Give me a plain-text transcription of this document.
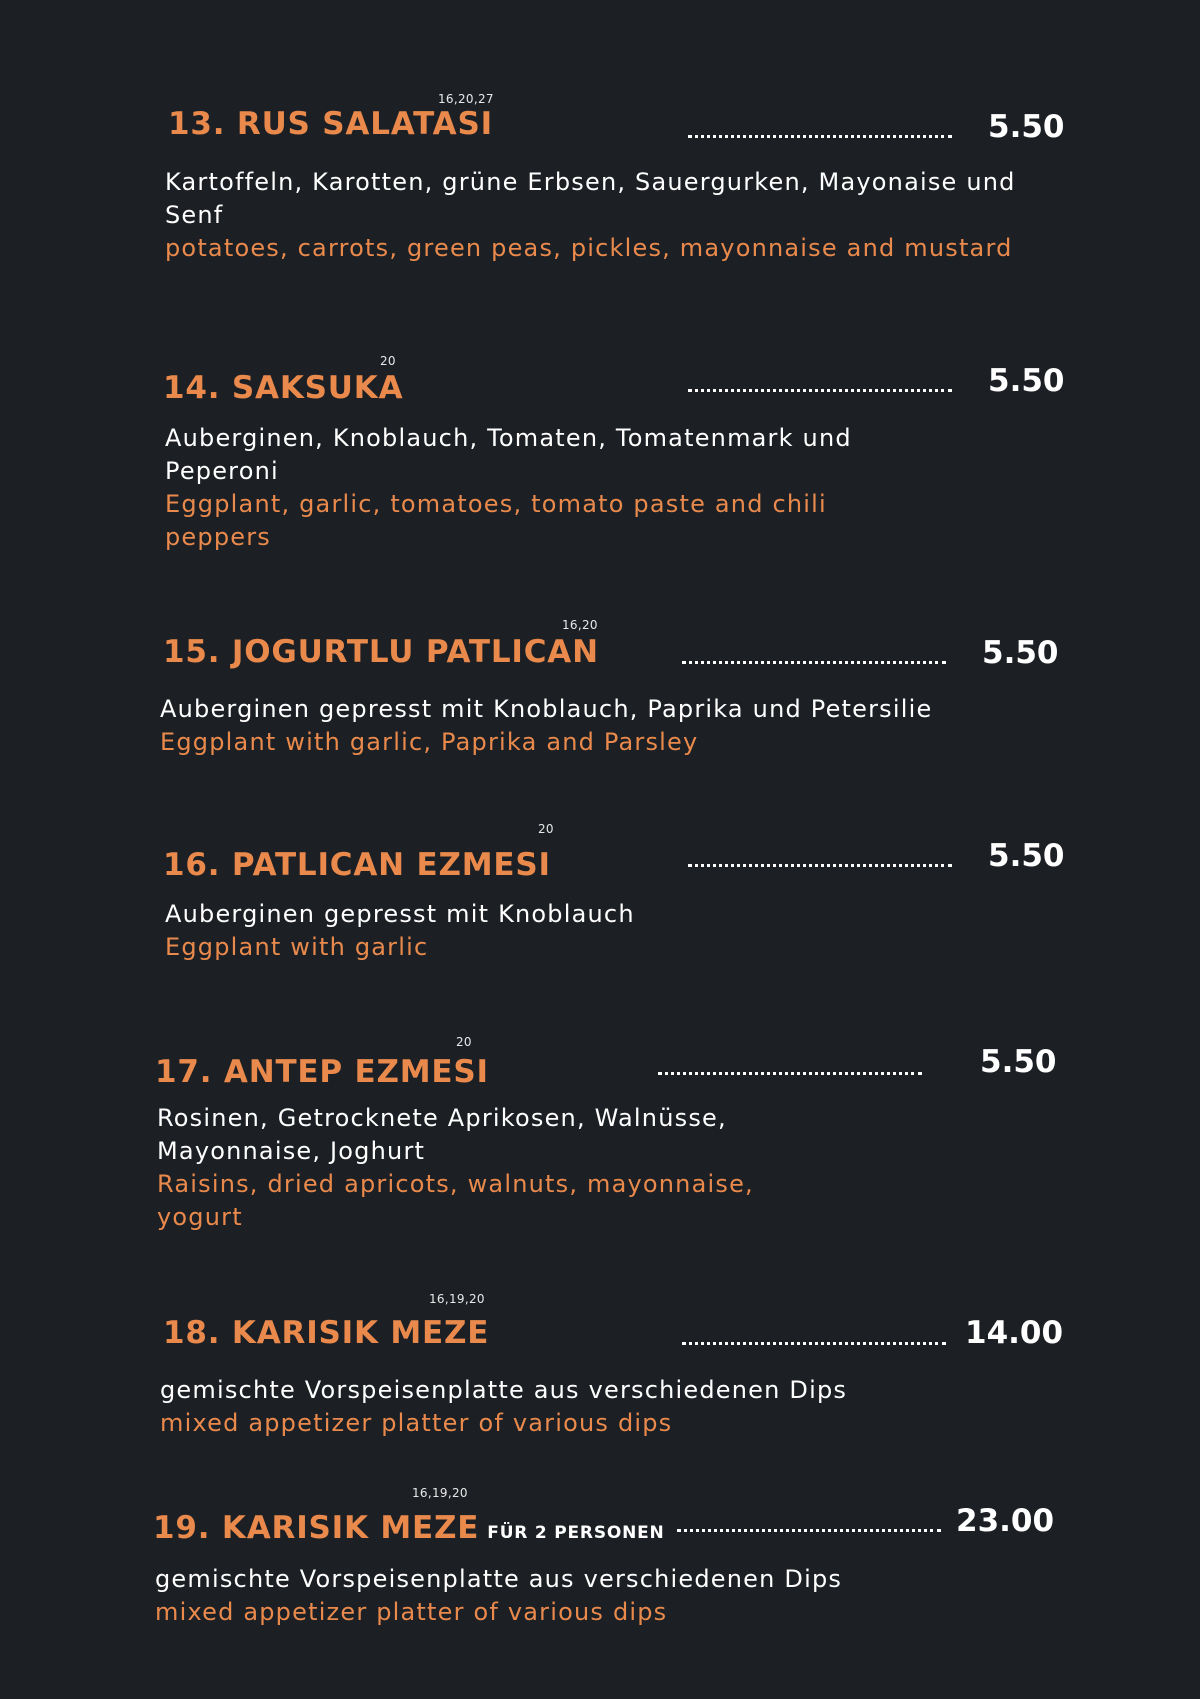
16,20,27
13. RUS SALATASI	5.50
Kartoffeln, Karotten, grüne Erbsen, Sauergurken, Mayonaise und Senf
potatoes, carrots, green peas, pickles, mayonnaise and mustard
20
14. SAKSUKA	5.50
Auberginen, Knoblauch, Tomaten, Tomatenmark und Peperoni
Eggplant, garlic, tomatoes, tomato paste and chili peppers
16,20
15. JOGURTLU PATLICAN	5.50
Auberginen gepresst mit Knoblauch, Paprika und Petersilie
Eggplant with garlic, Paprika and Parsley
20
16. PATLICAN EZMESI	5.50
Auberginen gepresst mit Knoblauch
Eggplant with garlic
20
17. ANTEP EZMESI	5.50
Rosinen, Getrocknete Aprikosen, Walnüsse, Mayonnaise, Joghurt
Raisins, dried apricots, walnuts, mayonnaise, yogurt
16,19,20
18. KARISIK MEZE	14.00
gemischte Vorspeisenplatte aus verschiedenen Dips
mixed appetizer platter of various dips
16,19,20
19. KARISIK MEZE FÜR 2 PERSONEN	23.00
gemischte Vorspeisenplatte aus verschiedenen Dips
mixed appetizer platter of various dips
